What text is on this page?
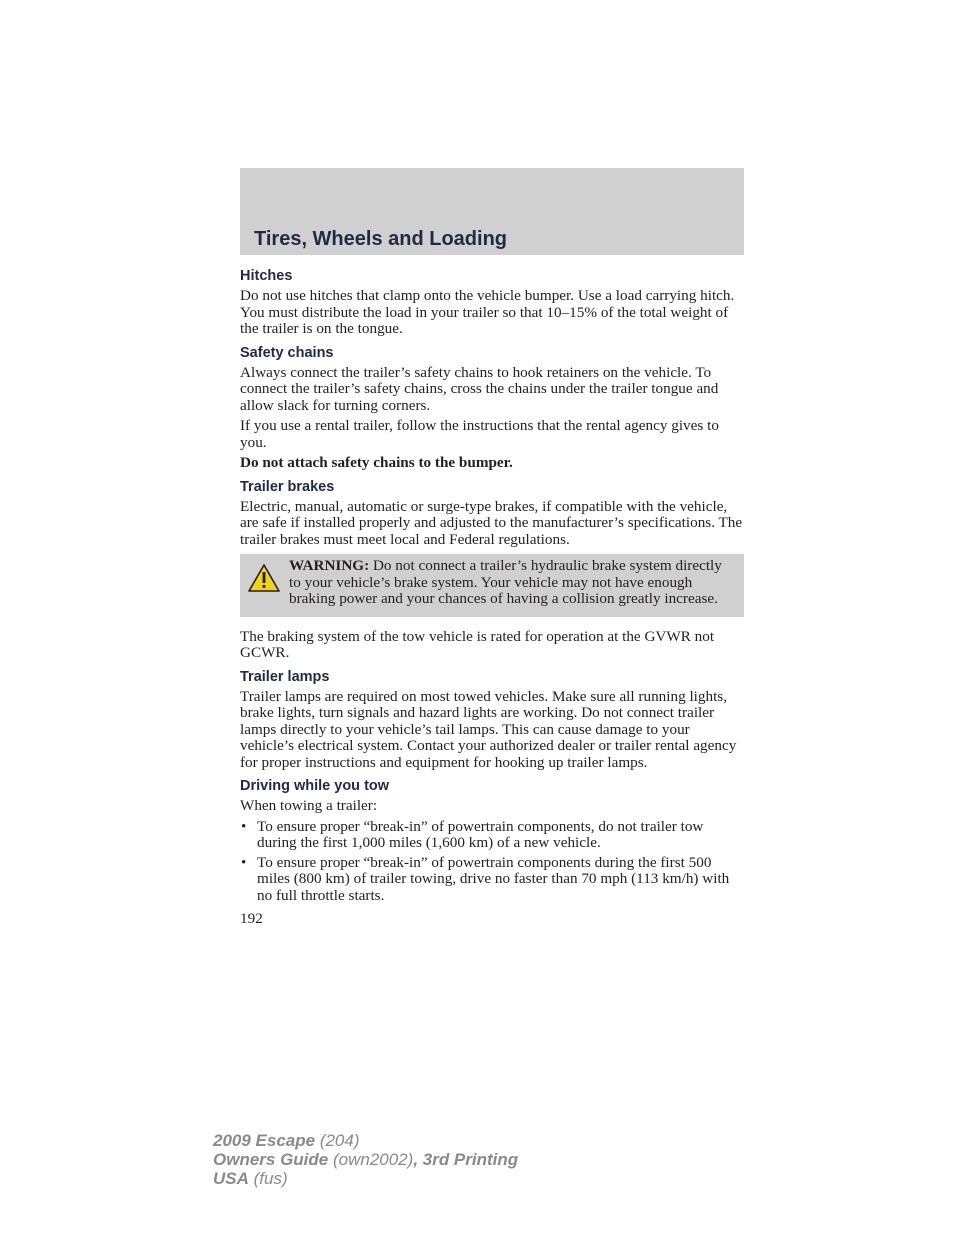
Tires, Wheels and Loading
Hitches

Do not use hitches that clamp onto the vehicle bumper. Use a load carrying hitch. You must distribute the load in your trailer so that 10–15% of the total weight of the trailer is on the tongue.

Safety chains

Always connect the trailer’s safety chains to hook retainers on the vehicle. To connect the trailer’s safety chains, cross the chains under the trailer tongue and allow slack for turning corners.

If you use a rental trailer, follow the instructions that the rental agency gives to you.

Do not attach safety chains to the bumper.

Trailer brakes

Electric, manual, automatic or surge-type brakes, if compatible with the vehicle, are safe if installed properly and adjusted to the manufacturer’s specifications. The trailer brakes must meet local and Federal regulations.

WARNING: Do not connect a trailer’s hydraulic brake system directly to your vehicle’s brake system. Your vehicle may not have enough braking power and your chances of having a collision greatly increase.

The braking system of the tow vehicle is rated for operation at the GVWR not GCWR.

Trailer lamps

Trailer lamps are required on most towed vehicles. Make sure all running lights, brake lights, turn signals and hazard lights are working. Do not connect trailer lamps directly to your vehicle’s tail lamps. This can cause damage to your vehicle’s electrical system. Contact your authorized dealer or trailer rental agency for proper instructions and equipment for hooking up trailer lamps.

Driving while you tow

When towing a trailer:

• To ensure proper “break-in” of powertrain components, do not trailer tow during the first 1,000 miles (1,600 km) of a new vehicle.
• To ensure proper “break-in” of powertrain components during the first 500 miles (800 km) of trailer towing, drive no faster than 70 mph (113 km/h) with no full throttle starts.
192
2009 Escape (204)
Owners Guide (own2002), 3rd Printing
USA (fus)
